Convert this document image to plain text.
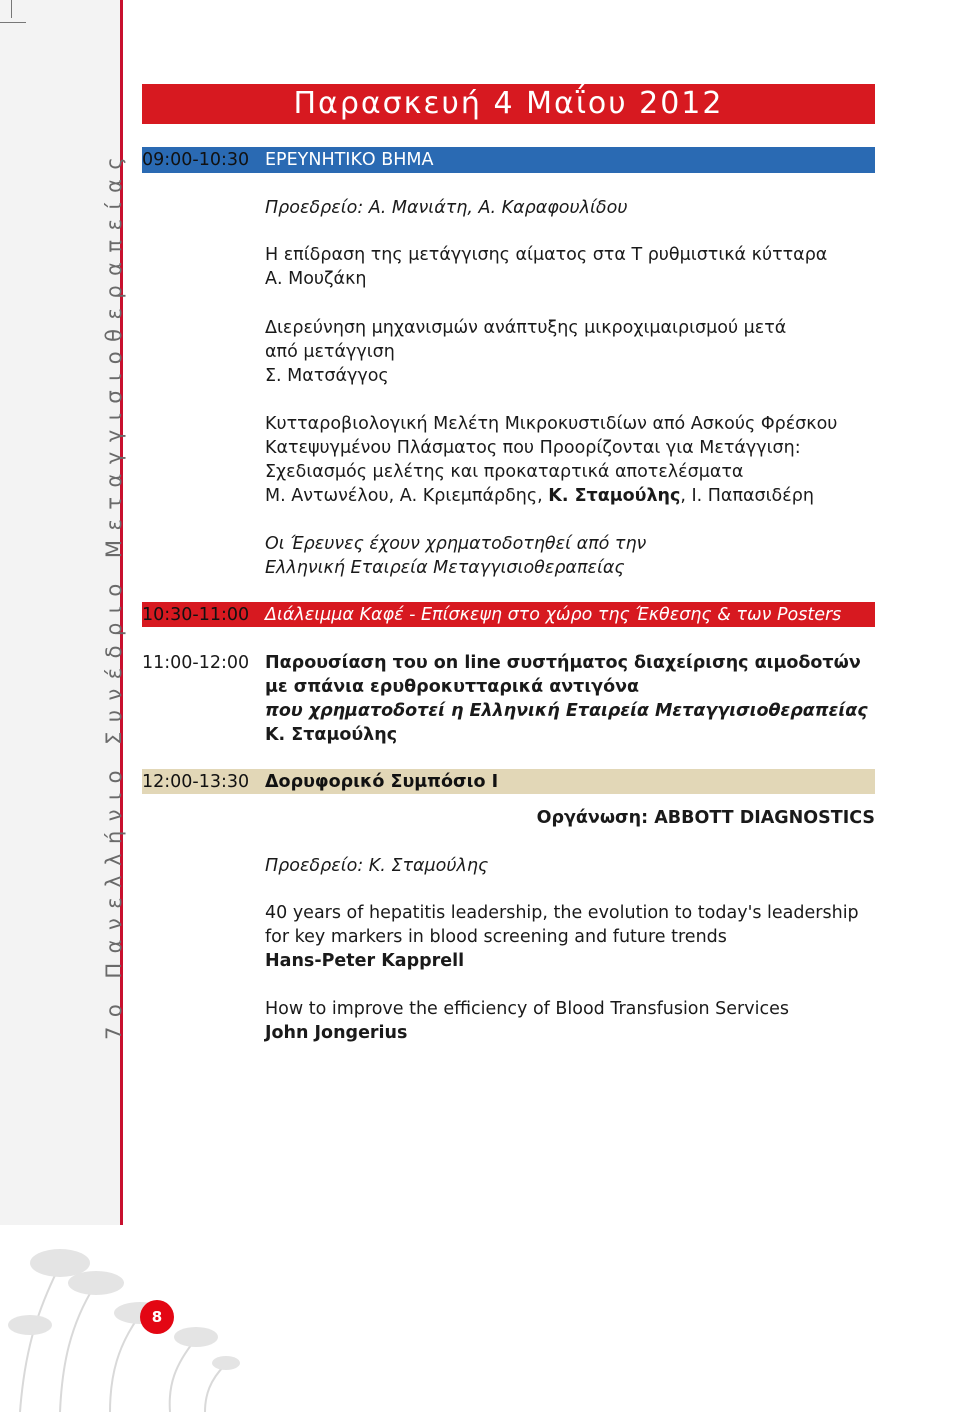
7ο Πανελλήνιο Συνέδριο Μεταγγισιοθεραπείας
8
Παρασκευή 4 Μαΐου 2012
09:00-10:30 ΕΡΕΥΝΗΤΙΚΟ ΒΗΜΑ
Προεδρείο: Α. Μανιάτη, Α. Καραφουλίδου
Η επίδραση της μετάγγισης αίματος στα Τ ρυθμιστικά κύτταρα
Α. Μουζάκη
Διερεύνηση μηχανισμών ανάπτυξης μικροχιμαιρισμού μετά
από μετάγγιση
Σ. Ματσάγγος
Κυτταροβιολογική Μελέτη Μικροκυστιδίων από Ασκούς Φρέσκου
Κατεψυγμένου Πλάσματος που Προορίζονται για Μετάγγιση:
Σχεδιασμός μελέτης και προκαταρτικά αποτελέσματα
Μ. Αντωνέλου, Α. Κριεμπάρδης, Κ. Σταμούλης, Ι. Παπασιδέρη
Οι Έρευνες έχουν χρηματοδοτηθεί από την
Ελληνική Εταιρεία Μεταγγισιοθεραπείας
10:30-11:00 Διάλειμμα Καφέ - Επίσκεψη στο χώρο της Έκθεσης & των Posters
11:00-12:00 Παρουσίαση του on line συστήματος διαχείρισης αιμοδοτών
με σπάνια ερυθροκυτταρικά αντιγόνα
που χρηματοδοτεί η Ελληνική Εταιρεία Μεταγγισιοθεραπείας
Κ. Σταμούλης
12:00-13:30 Δορυφορικό Συμπόσιο Ι
Οργάνωση: ABBOTT DIAGNOSTICS
Προεδρείο: Κ. Σταμούλης
40 years of hepatitis leadership, the evolution to today's leadership
for key markers in blood screening and future trends
Hans-Peter Kapprell
How to improve the efficiency of Blood Transfusion Services
John Jongerius
